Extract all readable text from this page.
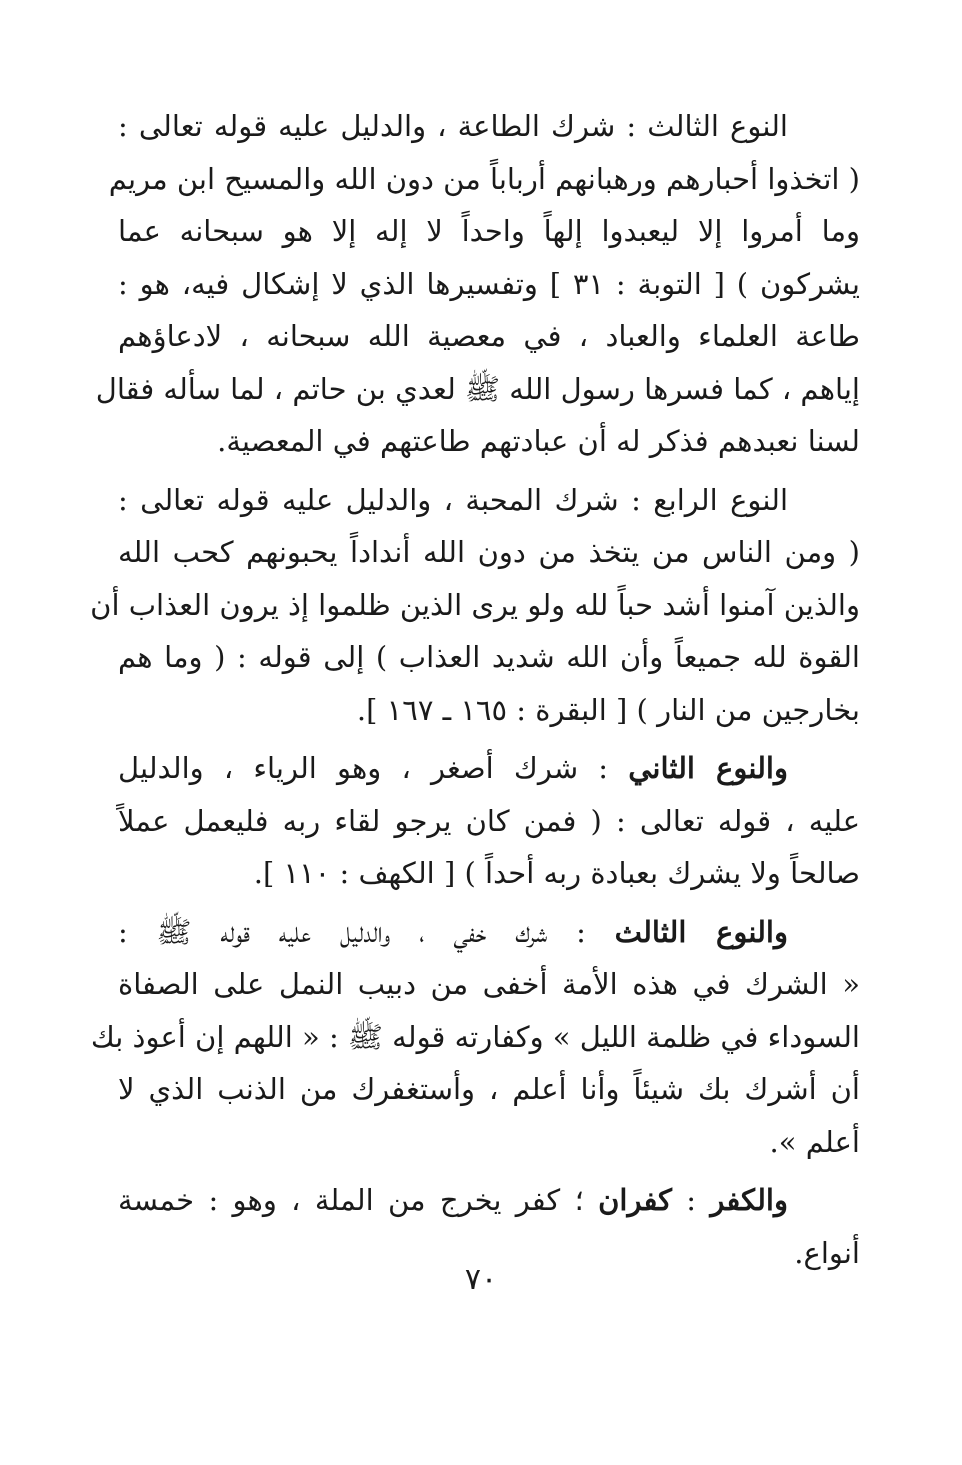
النوع الثالث : شرك الطاعة ، والدليل عليه قوله تعالى :
( اتخذوا أحبارهم ورهبانهم أرباباً من دون الله والمسيح ابن مريم
وما أمروا إلا ليعبدوا إلهاً واحداً لا إله إلا هو سبحانه عما
يشركون ) [ التوبة : ٣١ ] وتفسيرها الذي لا إشكال فيه، هو :
طاعة العلماء والعباد ، في معصية الله سبحانه ، لادعاؤهم
إياهم ، كما فسرها رسول الله ﷺ لعدي بن حاتم ، لما سأله فقال
لسنا نعبدهم فذكر له أن عبادتهم طاعتهم في المعصية.
النوع الرابع : شرك المحبة ، والدليل عليه قوله تعالى :
( ومن الناس من يتخذ من دون الله أنداداً يحبونهم كحب الله
والذين آمنوا أشد حباً لله ولو يرى الذين ظلموا إذ يرون العذاب أن
القوة لله جميعاً وأن الله شديد العذاب ) إلى قوله : ( وما هم
بخارجين من النار ) [ البقرة : ١٦٥ ـ ١٦٧ ].
والنوع الثاني : شرك أصغر ، وهو الرياء ، والدليل
عليه ، قوله تعالى : ( فمن كان يرجو لقاء ربه فليعمل عملاً
صالحاً ولا يشرك بعبادة ربه أحداً ) [ الكهف : ١١٠ ].
والنوع الثالث : شرك خفي ، والدليل عليه قوله ﷺ :
« الشرك في هذه الأمة أخفى من دبيب النمل على الصفاة
السوداء في ظلمة الليل » وكفارته قوله ﷺ : « اللهم إن أعوذ بك
أن أشرك بك شيئاً وأنا أعلم ، وأستغفرك من الذنب الذي لا
أعلم ».
والكفر : كفران ؛ كفر يخرج من الملة ، وهو : خمسة
أنواع.
٧٠
